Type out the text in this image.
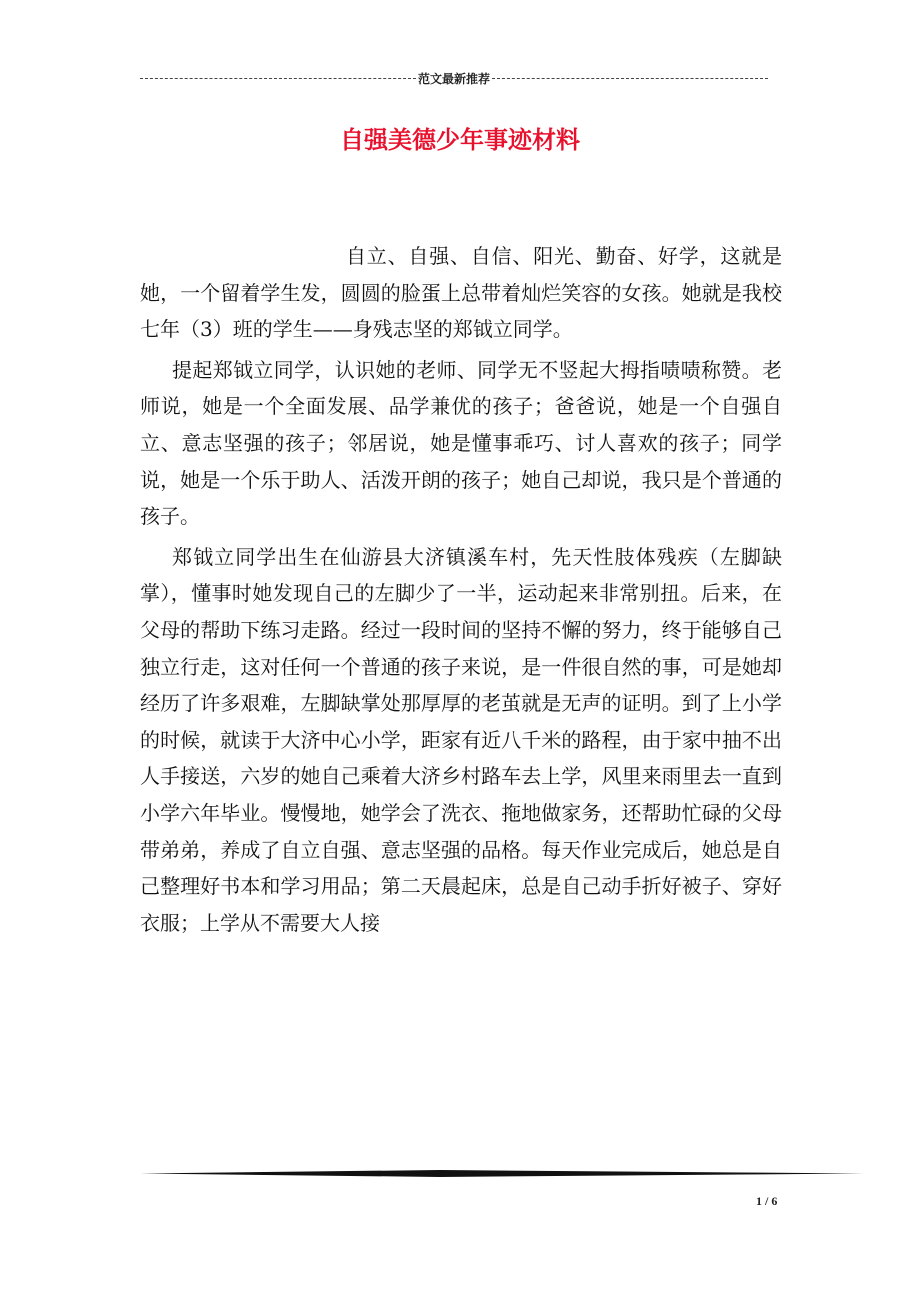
范文最新推荐
自强美德少年事迹材料

自立、自强、自信、阳光、勤奋、好学，这就是她，一个留着学生发，圆圆的脸蛋上总带着灿烂笑容的女孩。她就是我校七年（3）班的学生——身残志坚的郑钺立同学。

提起郑钺立同学，认识她的老师、同学无不竖起大拇指啧啧称赞。老师说，她是一个全面发展、品学兼优的孩子；爸爸说，她是一个自强自立、意志坚强的孩子；邻居说，她是懂事乖巧、讨人喜欢的孩子；同学说，她是一个乐于助人、活泼开朗的孩子；她自己却说，我只是个普通的孩子。

郑钺立同学出生在仙游县大济镇溪车村，先天性肢体残疾（左脚缺掌），懂事时她发现自己的左脚少了一半，运动起来非常别扭。后来，在父母的帮助下练习走路。经过一段时间的坚持不懈的努力，终于能够自己独立行走，这对任何一个普通的孩子来说，是一件很自然的事，可是她却经历了许多艰难，左脚缺掌处那厚厚的老茧就是无声的证明。到了上小学的时候，就读于大济中心小学，距家有近八千米的路程，由于家中抽不出人手接送，六岁的她自己乘着大济乡村路车去上学，风里来雨里去一直到小学六年毕业。慢慢地，她学会了洗衣、拖地做家务，还帮助忙碌的父母带弟弟，养成了自立自强、意志坚强的品格。每天作业完成后，她总是自己整理好书本和学习用品；第二天晨起床，总是自己动手折好被子、穿好衣服；上学从不需要大人接

1 / 6
